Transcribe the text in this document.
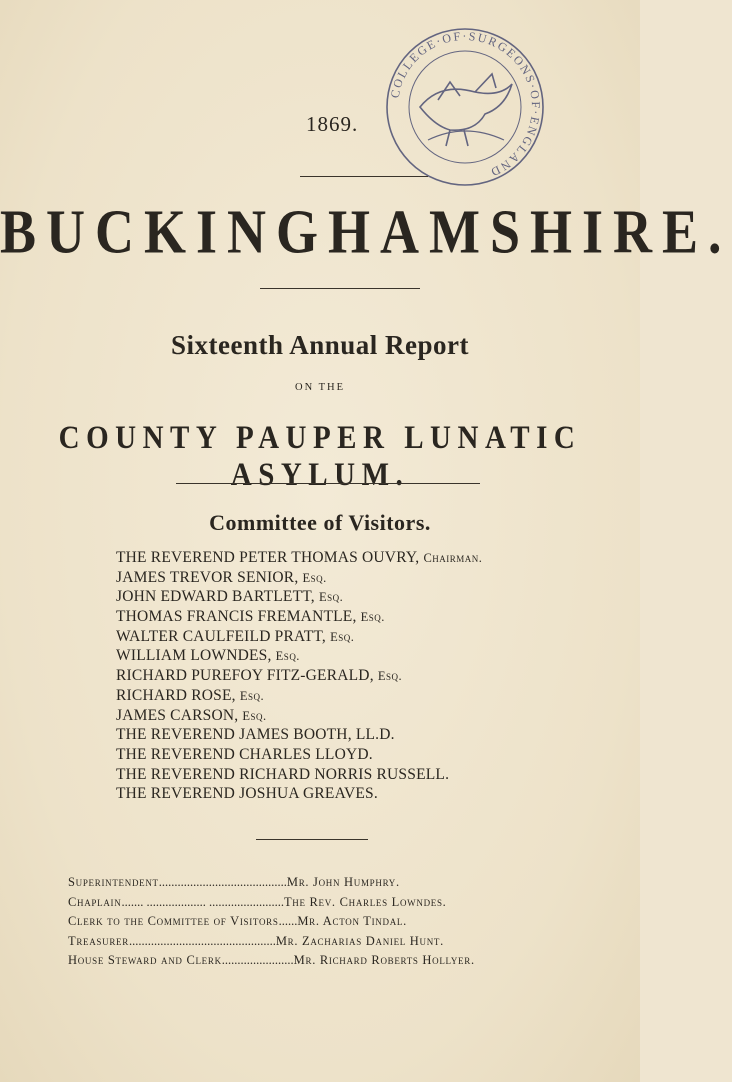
COLLEGE·OF·SURGEONS·OF·ENGLAND
1869.
BUCKINGHAMSHIRE.
Sixteenth Annual Report
ON THE
COUNTY PAUPER LUNATIC ASYLUM.
Committee of Visitors.
THE REVEREND PETER THOMAS OUVRY, Chairman.
JAMES TREVOR SENIOR, Esq.
JOHN EDWARD BARTLETT, Esq.
THOMAS FRANCIS FREMANTLE, Esq.
WALTER CAULFEILD PRATT, Esq.
WILLIAM LOWNDES, Esq.
RICHARD PUREFOY FITZ-GERALD, Esq.
RICHARD ROSE, Esq.
JAMES CARSON, Esq.
THE REVEREND JAMES BOOTH, LL.D.
THE REVEREND CHARLES LLOYD.
THE REVEREND RICHARD NORRIS RUSSELL.
THE REVEREND JOSHUA GREAVES.
Superintendent ......................................... Mr. John Humphry.
Chaplain ....... ................... ........................ The Rev. Charles Lowndes.
Clerk to the Committee of Visitors ...... Mr. Acton Tindal.
Treasurer ............................................... Mr. Zacharias Daniel Hunt.
House Steward and Clerk ....................... Mr. Richard Roberts Hollyer.
